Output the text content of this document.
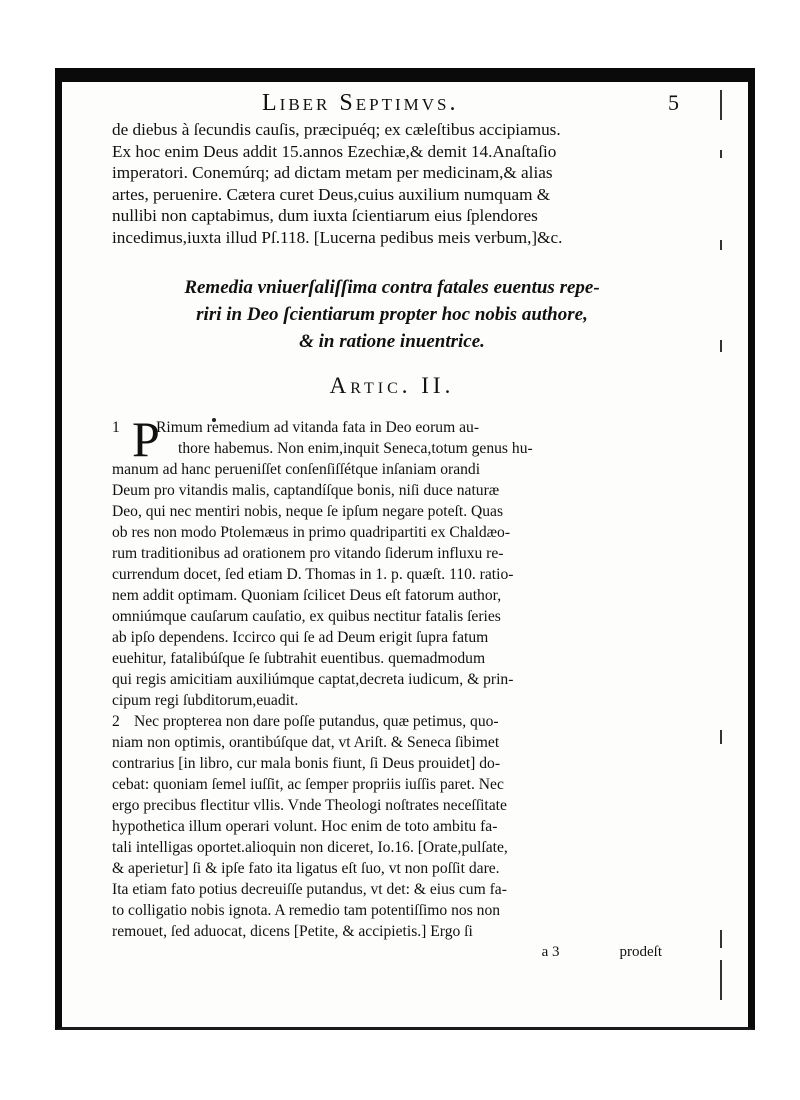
Liber Septimvs.	5
de diebus à ſecundis cauſis, præcipuéq; ex cæleſtibus accipiamus.
Ex hoc enim Deus addit 15.annos Ezechiæ,& demit 14.Anaſtaſio
imperatori. Conemúrq; ad dictam metam per medicinam,& alias
artes, peruenire. Cætera curet Deus,cuius auxilium numquam &
nullibi non captabimus, dum iuxta ſcientiarum eius ſplendores
incedimus,iuxta illud Pſ.118. [Lucerna pedibus meis verbum,]&c.
Remedia vniuerſaliſſima contra fatales euentus repe-
riri in Deo ſcientiarum propter hoc nobis authore,
& in ratione inuentrice.
Artic. II.
P
1 Rimum remedium ad vitanda fata in Deo eorum au-
thore habemus. Non enim,inquit Seneca,totum genus hu-
manum ad hanc perueniſſet conſenſiſſétque inſaniam orandi
Deum pro vitandis malis, captandíſque bonis, niſi duce naturæ
Deo, qui nec mentiri nobis, neque ſe ipſum negare poteſt. Quas
ob res non modo Ptolemæus in primo quadripartiti ex Chaldæo-
rum traditionibus ad orationem pro vitando ſiderum influxu re-
currendum docet, ſed etiam D. Thomas in 1. p. quæſt. 110. ratio-
nem addit optimam. Quoniam ſcilicet Deus eſt fatorum author,
omniúmque cauſarum cauſatio, ex quibus nectitur fatalis ſeries
ab ipſo dependens. Iccirco qui ſe ad Deum erigit ſupra fatum
euehitur, fatalibúſque ſe ſubtrahit euentibus. quemadmodum
qui regis amicitiam auxiliúmque captat,decreta iudicum, & prin-
cipum regi ſubditorum,euadit.
2 Nec propterea non dare poſſe putandus, quæ petimus, quo-
niam non optimis, orantibúſque dat, vt Ariſt. & Seneca ſibimet
contrarius [in libro, cur mala bonis fiunt, ſi Deus prouidet] do-
cebat: quoniam ſemel iuſſit, ac ſemper propriis iuſſis paret. Nec
ergo precibus flectitur vllis. Vnde Theologi noſtrates neceſſitate
hypothetica illum operari volunt. Hoc enim de toto ambitu fa-
tali intelligas oportet.alioquin non diceret, Io.16. [Orate,pulſate,
& aperietur] ſi & ipſe fato ita ligatus eſt ſuo, vt non poſſit dare.
Ita etiam fato potius decreuiſſe putandus, vt det: & eius cum fa-
to colligatio nobis ignota. A remedio tam potentiſſimo nos non
remouet, ſed aduocat, dicens [Petite, & accipietis.] Ergo ſi
a 3	prodeſt
